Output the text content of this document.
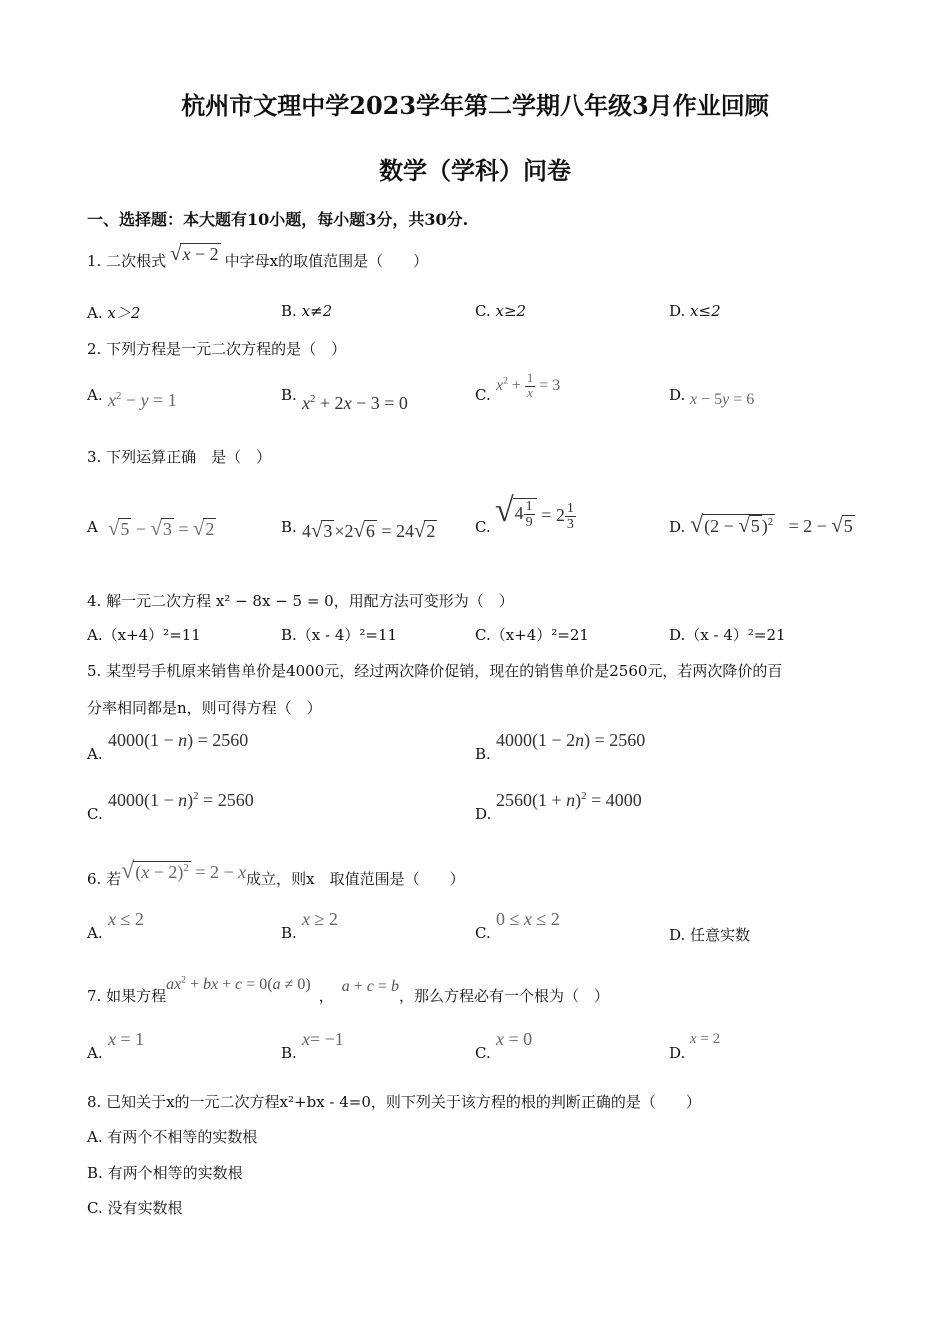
杭州市文理中学2023学年第二学期八年级3月作业回顾
数学（学科）问卷
一、选择题：本大题有10小题，每小题3分，共30分.
1. 二次根式 √x − 2 中字母x的取值范围是（　　）
A. x＞2	B. x≠2	C. x≥2	D. x≤2
2. 下列方程是一元二次方程的是（　）
A. $x^2 - y = 1$	B. $x^2 + 2x - 3 = 0$	C.
$x^2 + \frac{1}{x} = 3$
D. x − 5y = 6
3. 下列运算正确　是（　）
A √5 − √3 = √2	B. 4√3 ×2√6 = 24√2	C. $√4 \frac{1}{9} = 2 \frac{1}{3}$	D. √(2 − √5 )$^2$   = 2 − √5
4. 解一元二次方程 x² − 8x − 5 = 0，用配方法可变形为（　）
A.（x+4）²=11	B.（x - 4）²=11	C.（x+4）²=21	D.（x - 4）²=21
5. 某型号手机原来销售单价是4000元，经过两次降价促销，现在的销售单价是2560元，若两次降价的百
分率相同都是n，则可得方程（　）
A.
4000(1 − n) = 2560
B.
4000(1 − 2n) = 2560
C.
$4000(1 - n)^2 = 2560$
D.
$2560(1 + n)^2 = 4000$
6. 若$√(x - 2)^2 = 2 - x$成立，则x　取值范围是（　　）
A.
x ≤ 2
B.
x ≥ 2
C.
0 ≤ x ≤ 2
D. 任意实数
7. 如果方程$ax^2$ + bx + c = 0(a ≠ 0)，a + c = b，那么方程必有一个根为（　）
A.
x = 1
B.
x= −1
C.
x = 0
D.
x = 2
8. 已知关于x的一元二次方程x²+bx - 4=0，则下列关于该方程的根的判断正确的是（　　）
A. 有两个不相等的实数根
B. 有两个相等的实数根
C. 没有实数根
